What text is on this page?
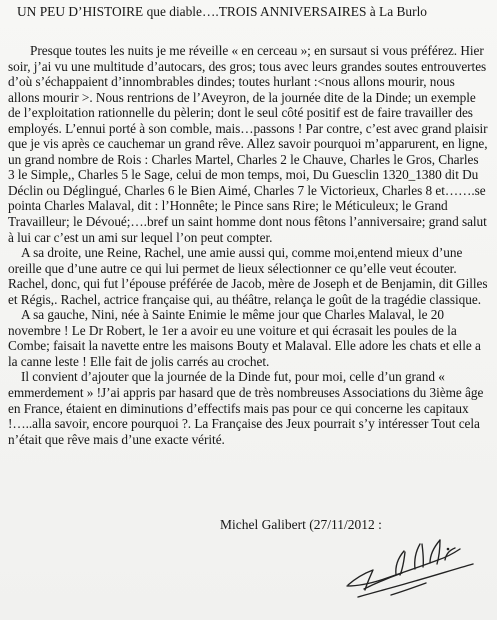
UN PEU D’HISTOIRE que diable….TROIS ANNIVERSAIRES à La Burlo

Presque toutes les nuits je me réveille « en cerceau »; en sursaut si vous préférez. Hier soir, j’ai vu une multitude d’autocars, des gros; tous avec leurs grandes soutes entrouvertes d’où s’échappaient d’innombrables dindes; toutes hurlant :<nous allons mourir, nous allons mourir >. Nous rentrions de l’Aveyron, de la journée dite de la Dinde; un exemple de l’exploitation rationnelle du pèlerin; dont le seul côté positif est de faire travailler des employés. L’ennui porté à son comble, mais…passons ! Par contre, c’est avec grand plaisir que je vis après ce cauchemar un grand rêve. Allez savoir pourquoi m’apparurent, en ligne, un grand nombre de Rois : Charles Martel, Charles 2 le Chauve, Charles le Gros, Charles 3 le Simple,, Charles 5 le Sage, celui de mon temps, moi, Du Guesclin 1320_1380 dit Du Déclin ou Déglingué, Charles 6 le Bien Aimé, Charles 7 le Victorieux, Charles 8 et…….se pointa Charles Malaval, dit : l’Honnête; le Pince sans Rire; le Méticuleux; le Grand Travailleur; le Dévoué;….bref un saint homme dont nous fêtons l’anniversaire; grand salut à lui car c’est un ami sur lequel l’on peut compter.

A sa droite, une Reine, Rachel, une amie aussi qui, comme moi,entend mieux d’une oreille que d’une autre ce qui lui permet de lieux sélectionner ce qu’elle veut écouter. Rachel, donc, qui fut l’épouse préférée de Jacob, mère de Joseph et de Benjamin, dit Gilles et Régis,. Rachel, actrice française qui, au théâtre, relança le goût de la tragédie classique.

A sa gauche, Nini, née à Sainte Enimie le même jour que Charles Malaval, le 20 novembre ! Le Dr Robert, le 1er a avoir eu une voiture et qui écrasait les poules de la Combe; faisait la navette entre les maisons Bouty et Malaval. Elle adore les chats et elle a la canne leste ! Elle fait de jolis carrés au crochet.

Il convient d’ajouter que la journée de la Dinde fut, pour moi, celle d’un grand « emmerdement » !J’ai appris par hasard que de très nombreuses Associations du 3ième âge en France, étaient en diminutions d’effectifs mais pas pour ce qui concerne les capitaux !…..alla savoir, encore pourquoi ?. La Française des Jeux pourrait s’y intéresser Tout cela n’était que rêve mais d’une exacte vérité.

Michel Galibert (27/11/2012 :
